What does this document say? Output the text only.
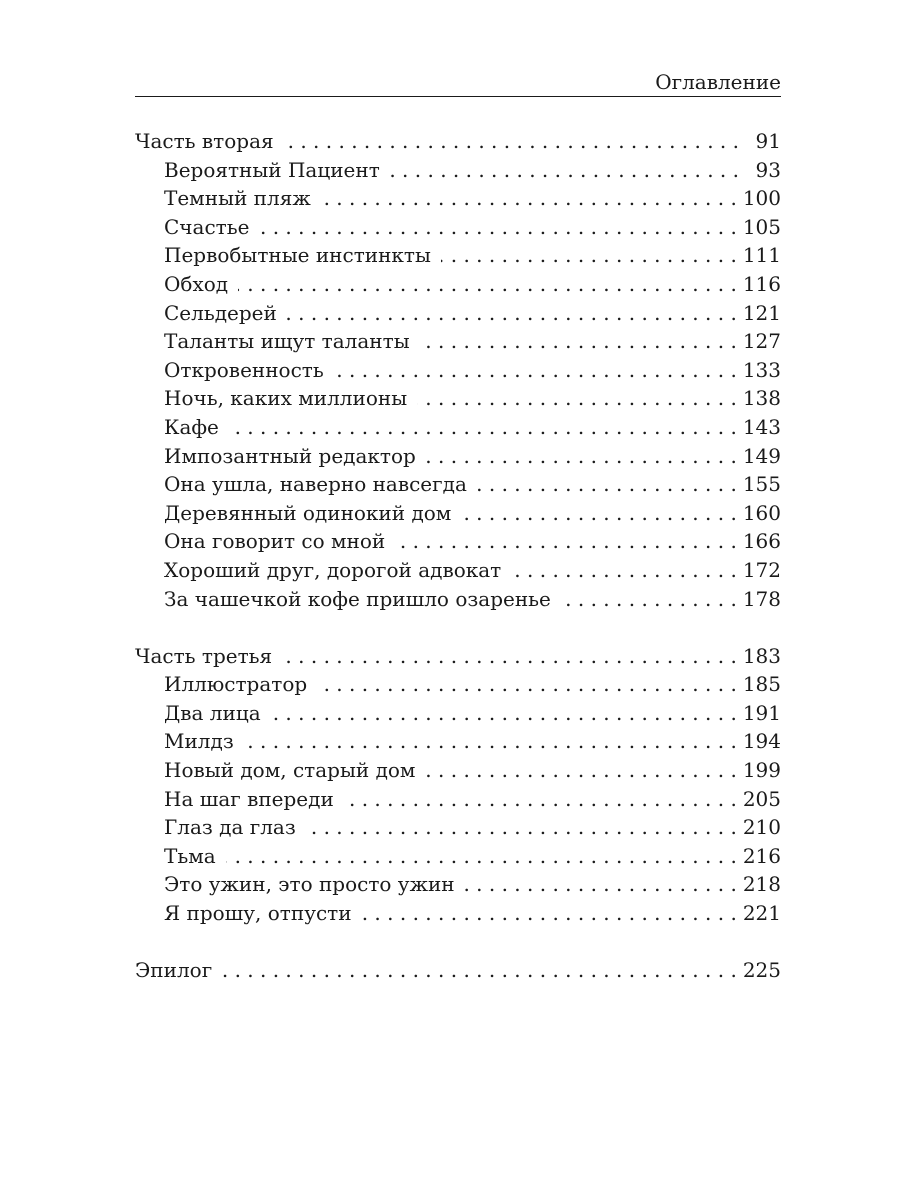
Оглавление
Часть вторая . . .	91
Вероятный Пациент . . .	93
Темный пляж . . .	100
Счастье . . .	105
Первобытные инстинкты . . .	111
Обход . . .	116
Сельдерей . . .	121
Таланты ищут таланты . . .	127
Откровенность . . .	133
Ночь, каких миллионы . . .	138
Кафе . . .	143
Импозантный редактор . . .	149
Она ушла, наверно навсегда . . .	155
Деревянный одинокий дом . . .	160
Она говорит со мной . . .	166
Хороший друг, дорогой адвокат . . .	172
За чашечкой кофе пришло озаренье . . .	178
Часть третья . . .	183
Иллюстратор . . .	185
Два лица . . .	191
Милдз . . .	194
Новый дом, старый дом . . .	199
На шаг впереди . . .	205
Глаз да глаз . . .	210
Тьма . . .	216
Это ужин, это просто ужин . . .	218
Я прошу, отпусти . . .	221
Эпилог . . .	225
